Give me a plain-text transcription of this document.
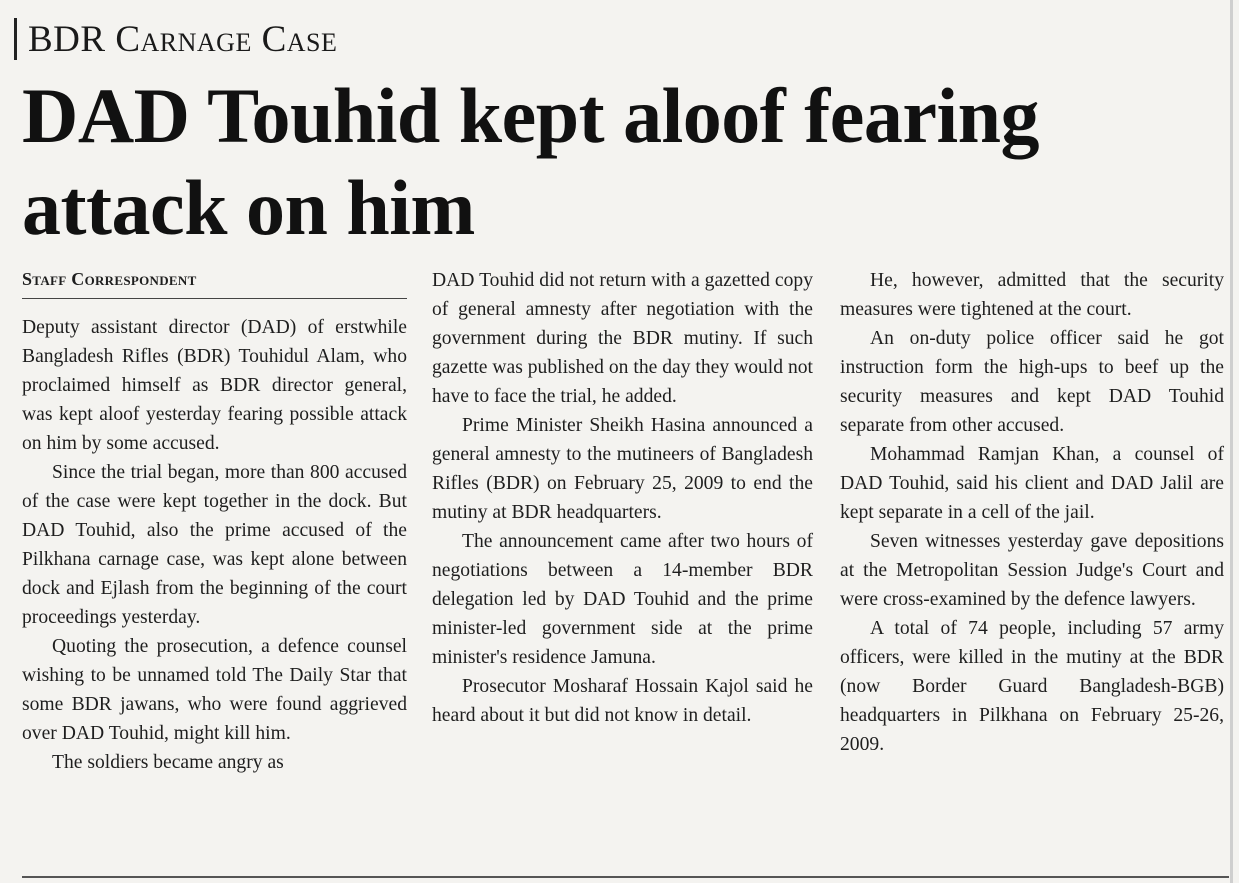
BDR Carnage Case
DAD Touhid kept aloof fearing attack on him
Staff Correspondent

Deputy assistant director (DAD) of erstwhile Bangladesh Rifles (BDR) Touhidul Alam, who proclaimed himself as BDR director general, was kept aloof yesterday fearing possible attack on him by some accused.

Since the trial began, more than 800 accused of the case were kept together in the dock. But DAD Touhid, also the prime accused of the Pilkhana carnage case, was kept alone between dock and Ejlash from the beginning of the court proceedings yesterday.

Quoting the prosecution, a defence counsel wishing to be unnamed told The Daily Star that some BDR jawans, who were found aggrieved over DAD Touhid, might kill him.

The soldiers became angry as

DAD Touhid did not return with a gazetted copy of general amnesty after negotiation with the government during the BDR mutiny. If such gazette was published on the day they would not have to face the trial, he added.

Prime Minister Sheikh Hasina announced a general amnesty to the mutineers of Bangladesh Rifles (BDR) on February 25, 2009 to end the mutiny at BDR headquarters.

The announcement came after two hours of negotiations between a 14-member BDR delegation led by DAD Touhid and the prime minister-led government side at the prime minister's residence Jamuna.

Prosecutor Mosharaf Hossain Kajol said he heard about it but did not know in detail.

He, however, admitted that the security measures were tightened at the court.

An on-duty police officer said he got instruction form the high-ups to beef up the security measures and kept DAD Touhid separate from other accused.

Mohammad Ramjan Khan, a counsel of DAD Touhid, said his client and DAD Jalil are kept separate in a cell of the jail.

Seven witnesses yesterday gave depositions at the Metropolitan Session Judge's Court and were cross-examined by the defence lawyers.

A total of 74 people, including 57 army officers, were killed in the mutiny at the BDR (now Border Guard Bangladesh-BGB) headquarters in Pilkhana on February 25-26, 2009.
